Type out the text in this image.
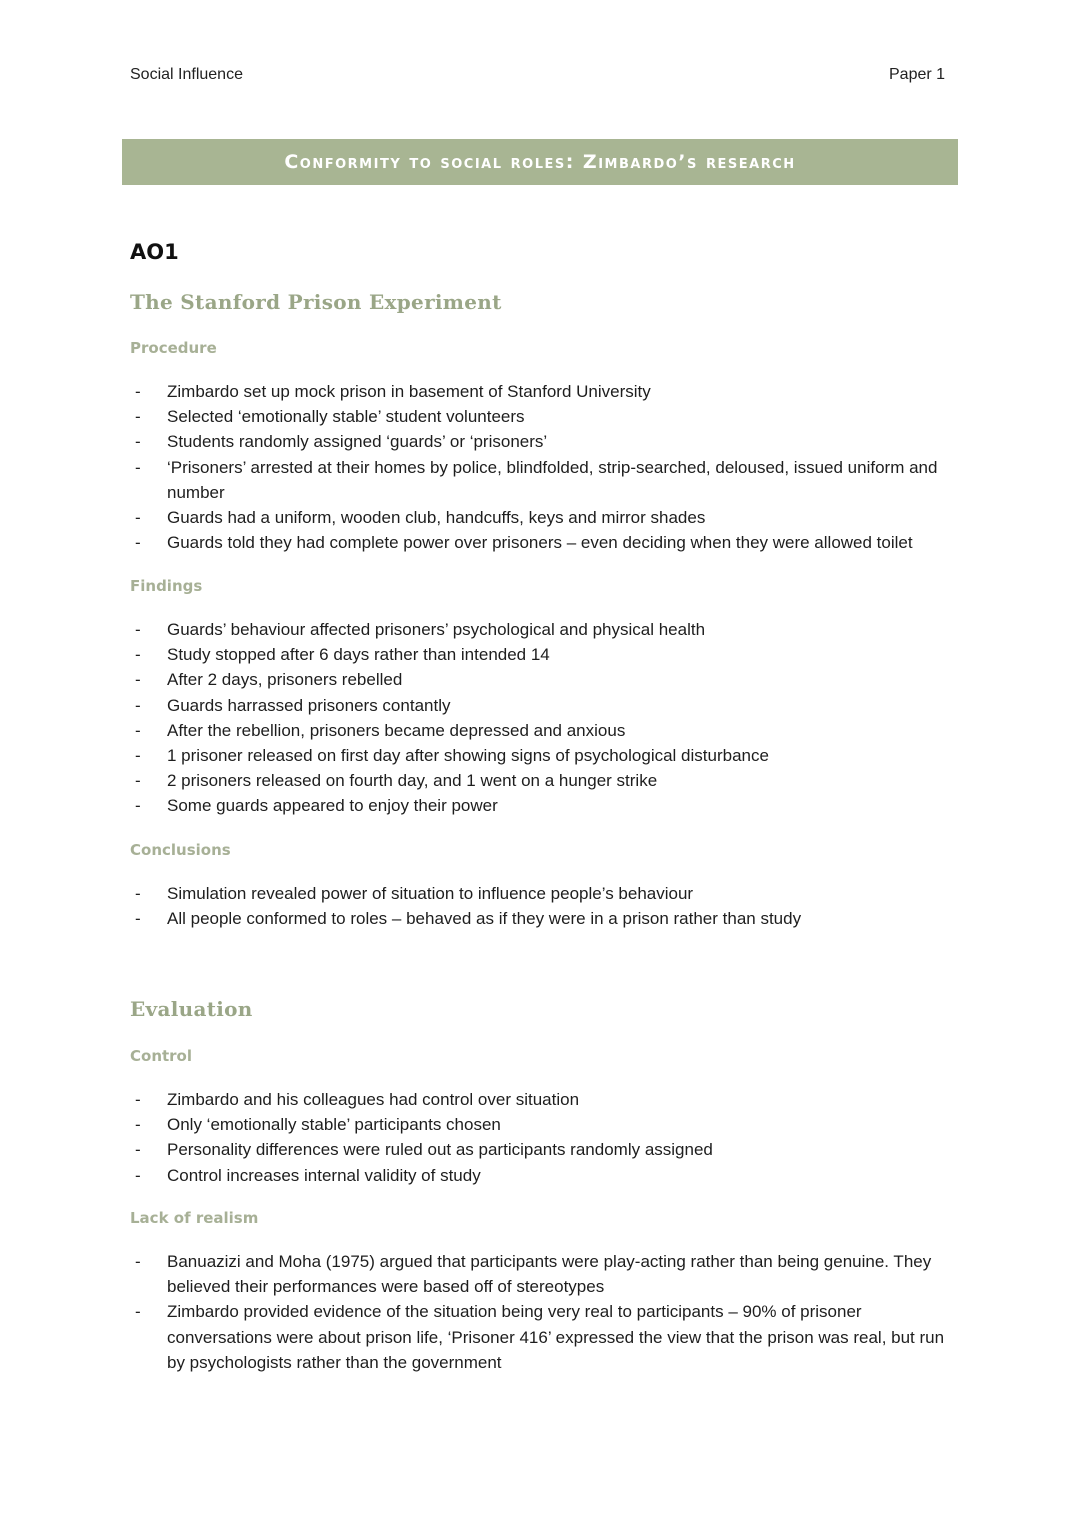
Social Influence	Paper 1
Conformity to social roles: Zimbardo’s research
AO1
The Stanford Prison Experiment
Procedure
- Zimbardo set up mock prison in basement of Stanford University
- Selected ‘emotionally stable’ student volunteers
- Students randomly assigned ‘guards’ or ‘prisoners’
- ‘Prisoners’ arrested at their homes by police, blindfolded, strip-searched, deloused, issued uniform and number
- Guards had a uniform, wooden club, handcuffs, keys and mirror shades
- Guards told they had complete power over prisoners – even deciding when they were allowed toilet
Findings
- Guards’ behaviour affected prisoners’ psychological and physical health
- Study stopped after 6 days rather than intended 14
- After 2 days, prisoners rebelled
- Guards harrassed prisoners contantly
- After the rebellion, prisoners became depressed and anxious
- 1 prisoner released on first day after showing signs of psychological disturbance
- 2 prisoners released on fourth day, and 1 went on a hunger strike
- Some guards appeared to enjoy their power
Conclusions
- Simulation revealed power of situation to influence people’s behaviour
- All people conformed to roles – behaved as if they were in a prison rather than study
Evaluation
Control
- Zimbardo and his colleagues had control over situation
- Only ‘emotionally stable’ participants chosen
- Personality differences were ruled out as participants randomly assigned
- Control increases internal validity of study
Lack of realism
- Banuazizi and Moha (1975) argued that participants were play-acting rather than being genuine. They believed their performances were based off of stereotypes
- Zimbardo provided evidence of the situation being very real to participants – 90% of prisoner conversations were about prison life, ‘Prisoner 416’ expressed the view that the prison was real, but run by psychologists rather than the government
